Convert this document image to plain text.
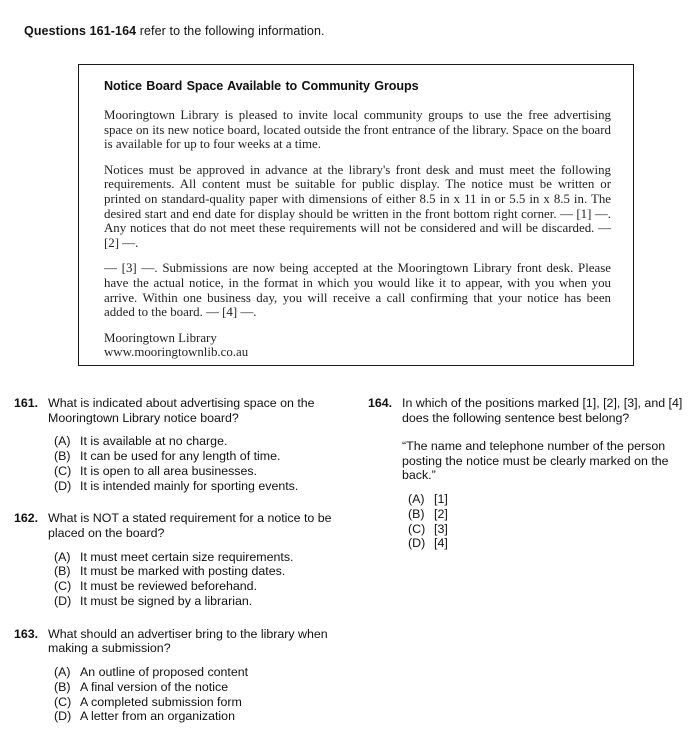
Questions 161-164 refer to the following information.
Notice Board Space Available to Community Groups

Mooringtown Library is pleased to invite local community groups to use the free advertising space on its new notice board, located outside the front entrance of the library. Space on the board is available for up to four weeks at a time.

Notices must be approved in advance at the library's front desk and must meet the following requirements. All content must be suitable for public display. The notice must be written or printed on standard-quality paper with dimensions of either 8.5 in x 11 in or 5.5 in x 8.5 in. The desired start and end date for display should be written in the front bottom right corner. — [1] —. Any notices that do not meet these requirements will not be considered and will be discarded. — [2] —.

— [3] —. Submissions are now being accepted at the Mooringtown Library front desk. Please have the actual notice, in the format in which you would like it to appear, with you when you arrive. Within one business day, you will receive a call confirming that your notice has been added to the board. — [4] —.

Mooringtown Library
www.mooringtownlib.co.au

161. What is indicated about advertising space on the Mooringtown Library notice board?
(A) It is available at no charge.
(B) It can be used for any length of time.
(C) It is open to all area businesses.
(D) It is intended mainly for sporting events.
162. What is NOT a stated requirement for a notice to be placed on the board?
(A) It must meet certain size requirements.
(B) It must be marked with posting dates.
(C) It must be reviewed beforehand.
(D) It must be signed by a librarian.
163. What should an advertiser bring to the library when making a submission?
(A) An outline of proposed content
(B) A final version of the notice
(C) A completed submission form
(D) A letter from an organization
164. In which of the positions marked [1], [2], [3], and [4] does the following sentence best belong?
“The name and telephone number of the person posting the notice must be clearly marked on the back.”
(A) [1]
(B) [2]
(C) [3]
(D) [4]
